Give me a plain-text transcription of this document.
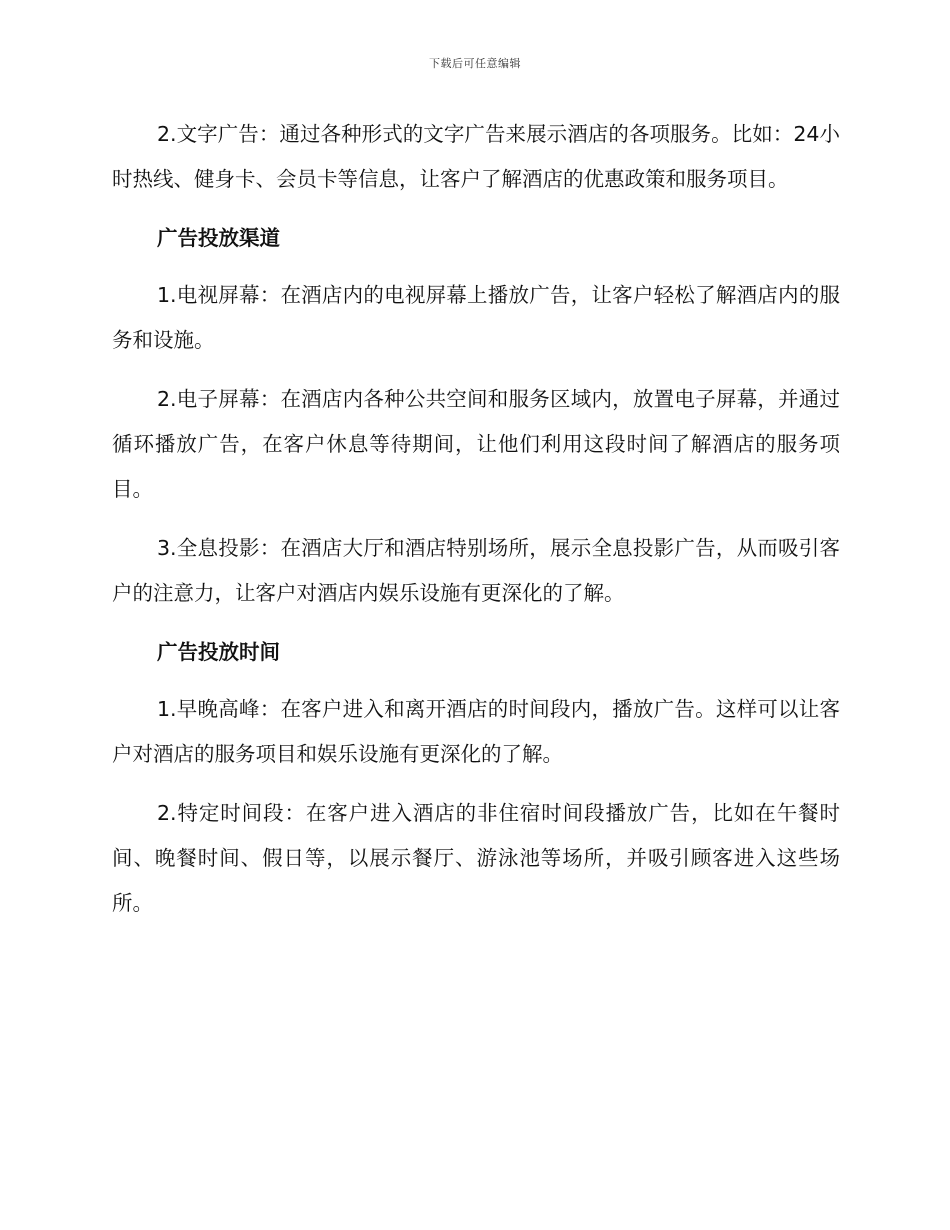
下载后可任意编辑

2.文字广告：通过各种形式的文字广告来展示酒店的各项服务。比如：24小时热线、健身卡、会员卡等信息，让客户了解酒店的优惠政策和服务项目。

广告投放渠道

1.电视屏幕：在酒店内的电视屏幕上播放广告，让客户轻松了解酒店内的服务和设施。

2.电子屏幕：在酒店内各种公共空间和服务区域内，放置电子屏幕，并通过循环播放广告，在客户休息等待期间，让他们利用这段时间了解酒店的服务项目。

3.全息投影：在酒店大厅和酒店特别场所，展示全息投影广告，从而吸引客户的注意力，让客户对酒店内娱乐设施有更深化的了解。

广告投放时间

1.早晚高峰：在客户进入和离开酒店的时间段内，播放广告。这样可以让客户对酒店的服务项目和娱乐设施有更深化的了解。

2.特定时间段：在客户进入酒店的非住宿时间段播放广告，比如在午餐时间、晚餐时间、假日等，以展示餐厅、游泳池等场所，并吸引顾客进入这些场所。
